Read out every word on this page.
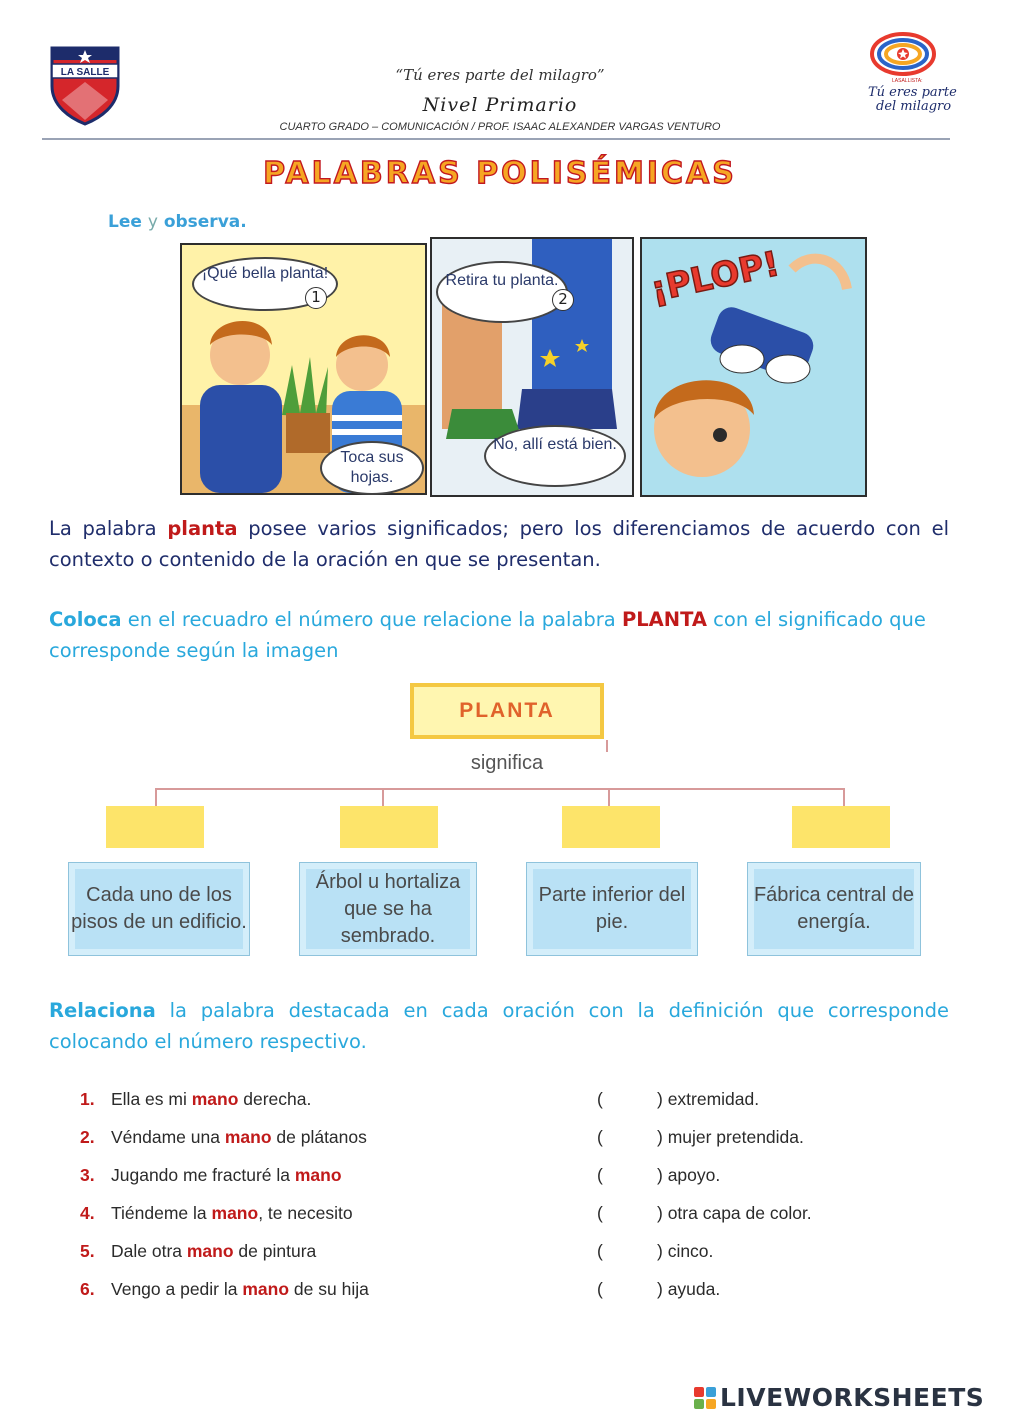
LA SALLE	“Tú eres parte del milagro”
Nivel Primario
CUARTO GRADO – COMUNICACIÓN / PROF. ISAAC ALEXANDER VARGAS VENTURO
LASALLISTA:
Tú eres parte
del milagro
PALABRAS POLISÉMICAS
Lee y observa.
¡Qué bella planta!
1
Toca sus hojas.
Retira tu planta.
2
No, allí está bien.
¡PLOP!
La palabra planta posee varios significados; pero los diferenciamos de acuerdo con el contexto o contenido de la oración en que se presentan.
Coloca en el recuadro el número que relacione la palabra PLANTA con el significado que corresponde según la imagen
PLANTA
significa
Cada uno de los pisos de un edificio.
Árbol u hortaliza que se ha sembrado.
Parte inferior del pie.
Fábrica central de energía.
Relaciona la palabra destacada en cada oración con la definición que corresponde colocando el número respectivo.
1. Ella es mi mano derecha.	(	) extremidad.
2. Véndame una mano de plátanos	(	) mujer pretendida.
3. Jugando me fracturé la mano	(	) apoyo.
4. Tiéndeme la mano, te necesito	(	) otra capa de color.
5. Dale otra mano de pintura	(	) cinco.
6. Vengo a pedir la mano de su hija	(	) ayuda.
LIVEWORKSHEETS
